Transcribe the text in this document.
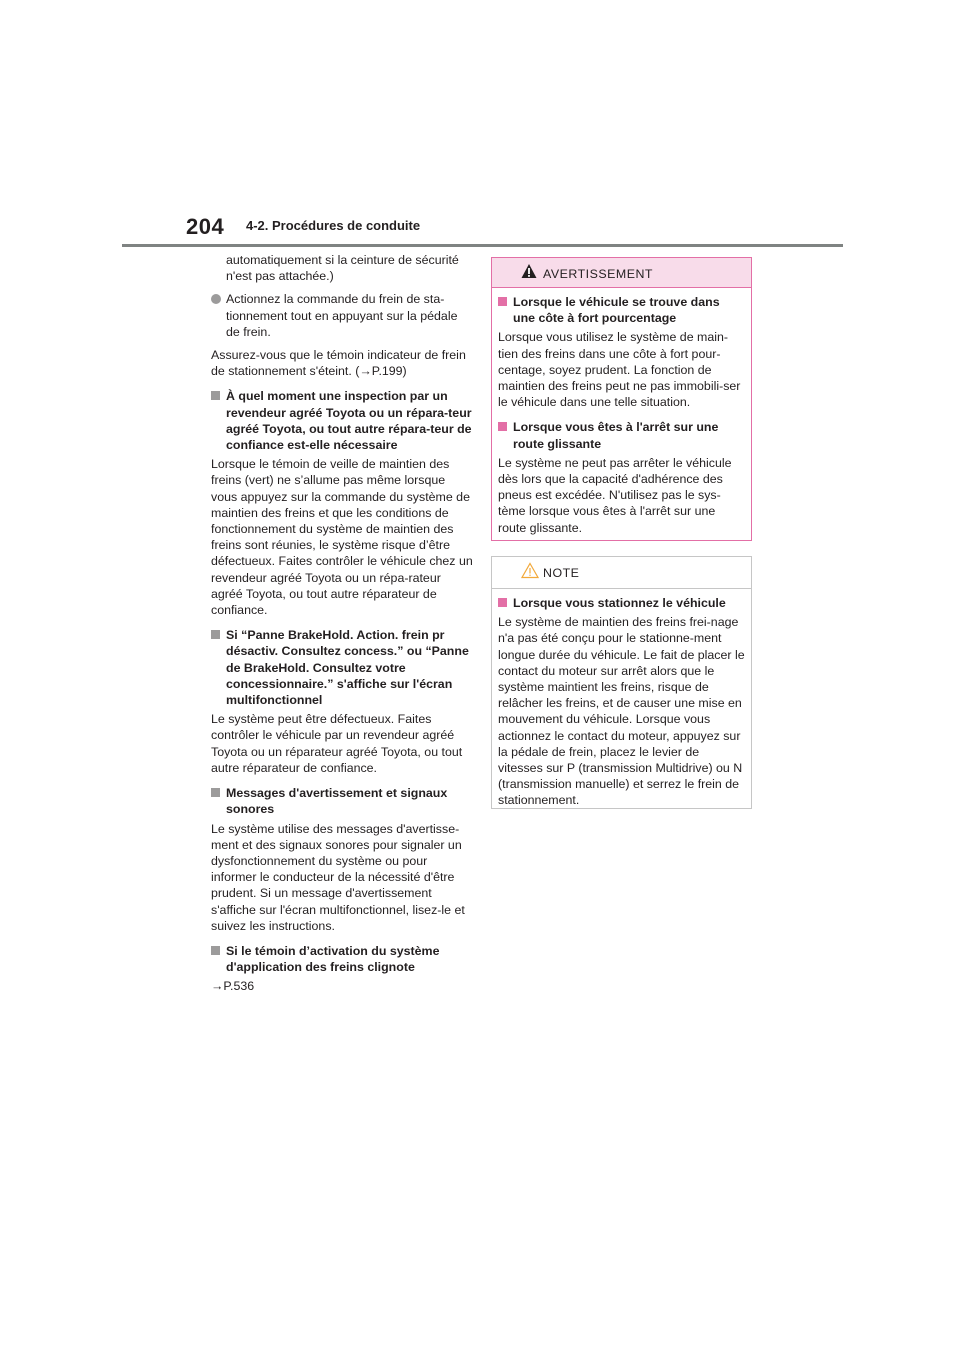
204 4-2. Procédures de conduite

automatiquement si la ceinture de sécurité n'est pas attachée.)

Actionnez la commande du frein de sta-tionnement tout en appuyant sur la pédale de frein.

Assurez-vous que le témoin indicateur de frein de stationnement s'éteint. (→P.199)

À quel moment une inspection par un revendeur agréé Toyota ou un répara-teur agréé Toyota, ou tout autre répara-teur de confiance est-elle nécessaire

Lorsque le témoin de veille de maintien des freins (vert) ne s’allume pas même lorsque vous appuyez sur la commande du système de maintien des freins et que les conditions de fonctionnement du système de maintien des freins sont réunies, le système risque d’être défectueux. Faites contrôler le véhicule chez un revendeur agréé Toyota ou un répa-rateur agréé Toyota, ou tout autre réparateur de confiance.

Si “Panne BrakeHold. Action. frein pr désactiv. Consultez concess.” ou “Panne de BrakeHold. Consultez votre concessionnaire.” s'affiche sur l'écran multifonctionnel

Le système peut être défectueux. Faites contrôler le véhicule par un revendeur agréé Toyota ou un réparateur agréé Toyota, ou tout autre réparateur de confiance.

Messages d'avertissement et signaux sonores

Le système utilise des messages d'avertisse-ment et des signaux sonores pour signaler un dysfonctionnement du système ou pour informer le conducteur de la nécessité d'être prudent. Si un message d'avertissement s'affiche sur l'écran multifonctionnel, lisez-le et suivez les instructions.

Si le témoin d’activation du système d'application des freins clignote

→P.536

AVERTISSEMENT

Lorsque le véhicule se trouve dans une côte à fort pourcentage

Lorsque vous utilisez le système de main-tien des freins dans une côte à fort pour-centage, soyez prudent. La fonction de maintien des freins peut ne pas immobili-ser le véhicule dans une telle situation.

Lorsque vous êtes à l'arrêt sur une route glissante

Le système ne peut pas arrêter le véhicule dès lors que la capacité d'adhérence des pneus est excédée. N'utilisez pas le sys-tème lorsque vous êtes à l'arrêt sur une route glissante.

NOTE

Lorsque vous stationnez le véhicule

Le système de maintien des freins frei-nage n'a pas été conçu pour le stationne-ment longue durée du véhicule. Le fait de placer le contact du moteur sur arrêt alors que le système maintient les freins, risque de relâcher les freins, et de causer une mise en mouvement du véhicule. Lorsque vous actionnez le contact du moteur, appuyez sur la pédale de frein, placez le levier de vitesses sur P (transmission Multidrive) ou N (transmission manuelle) et serrez le frein de stationnement.
